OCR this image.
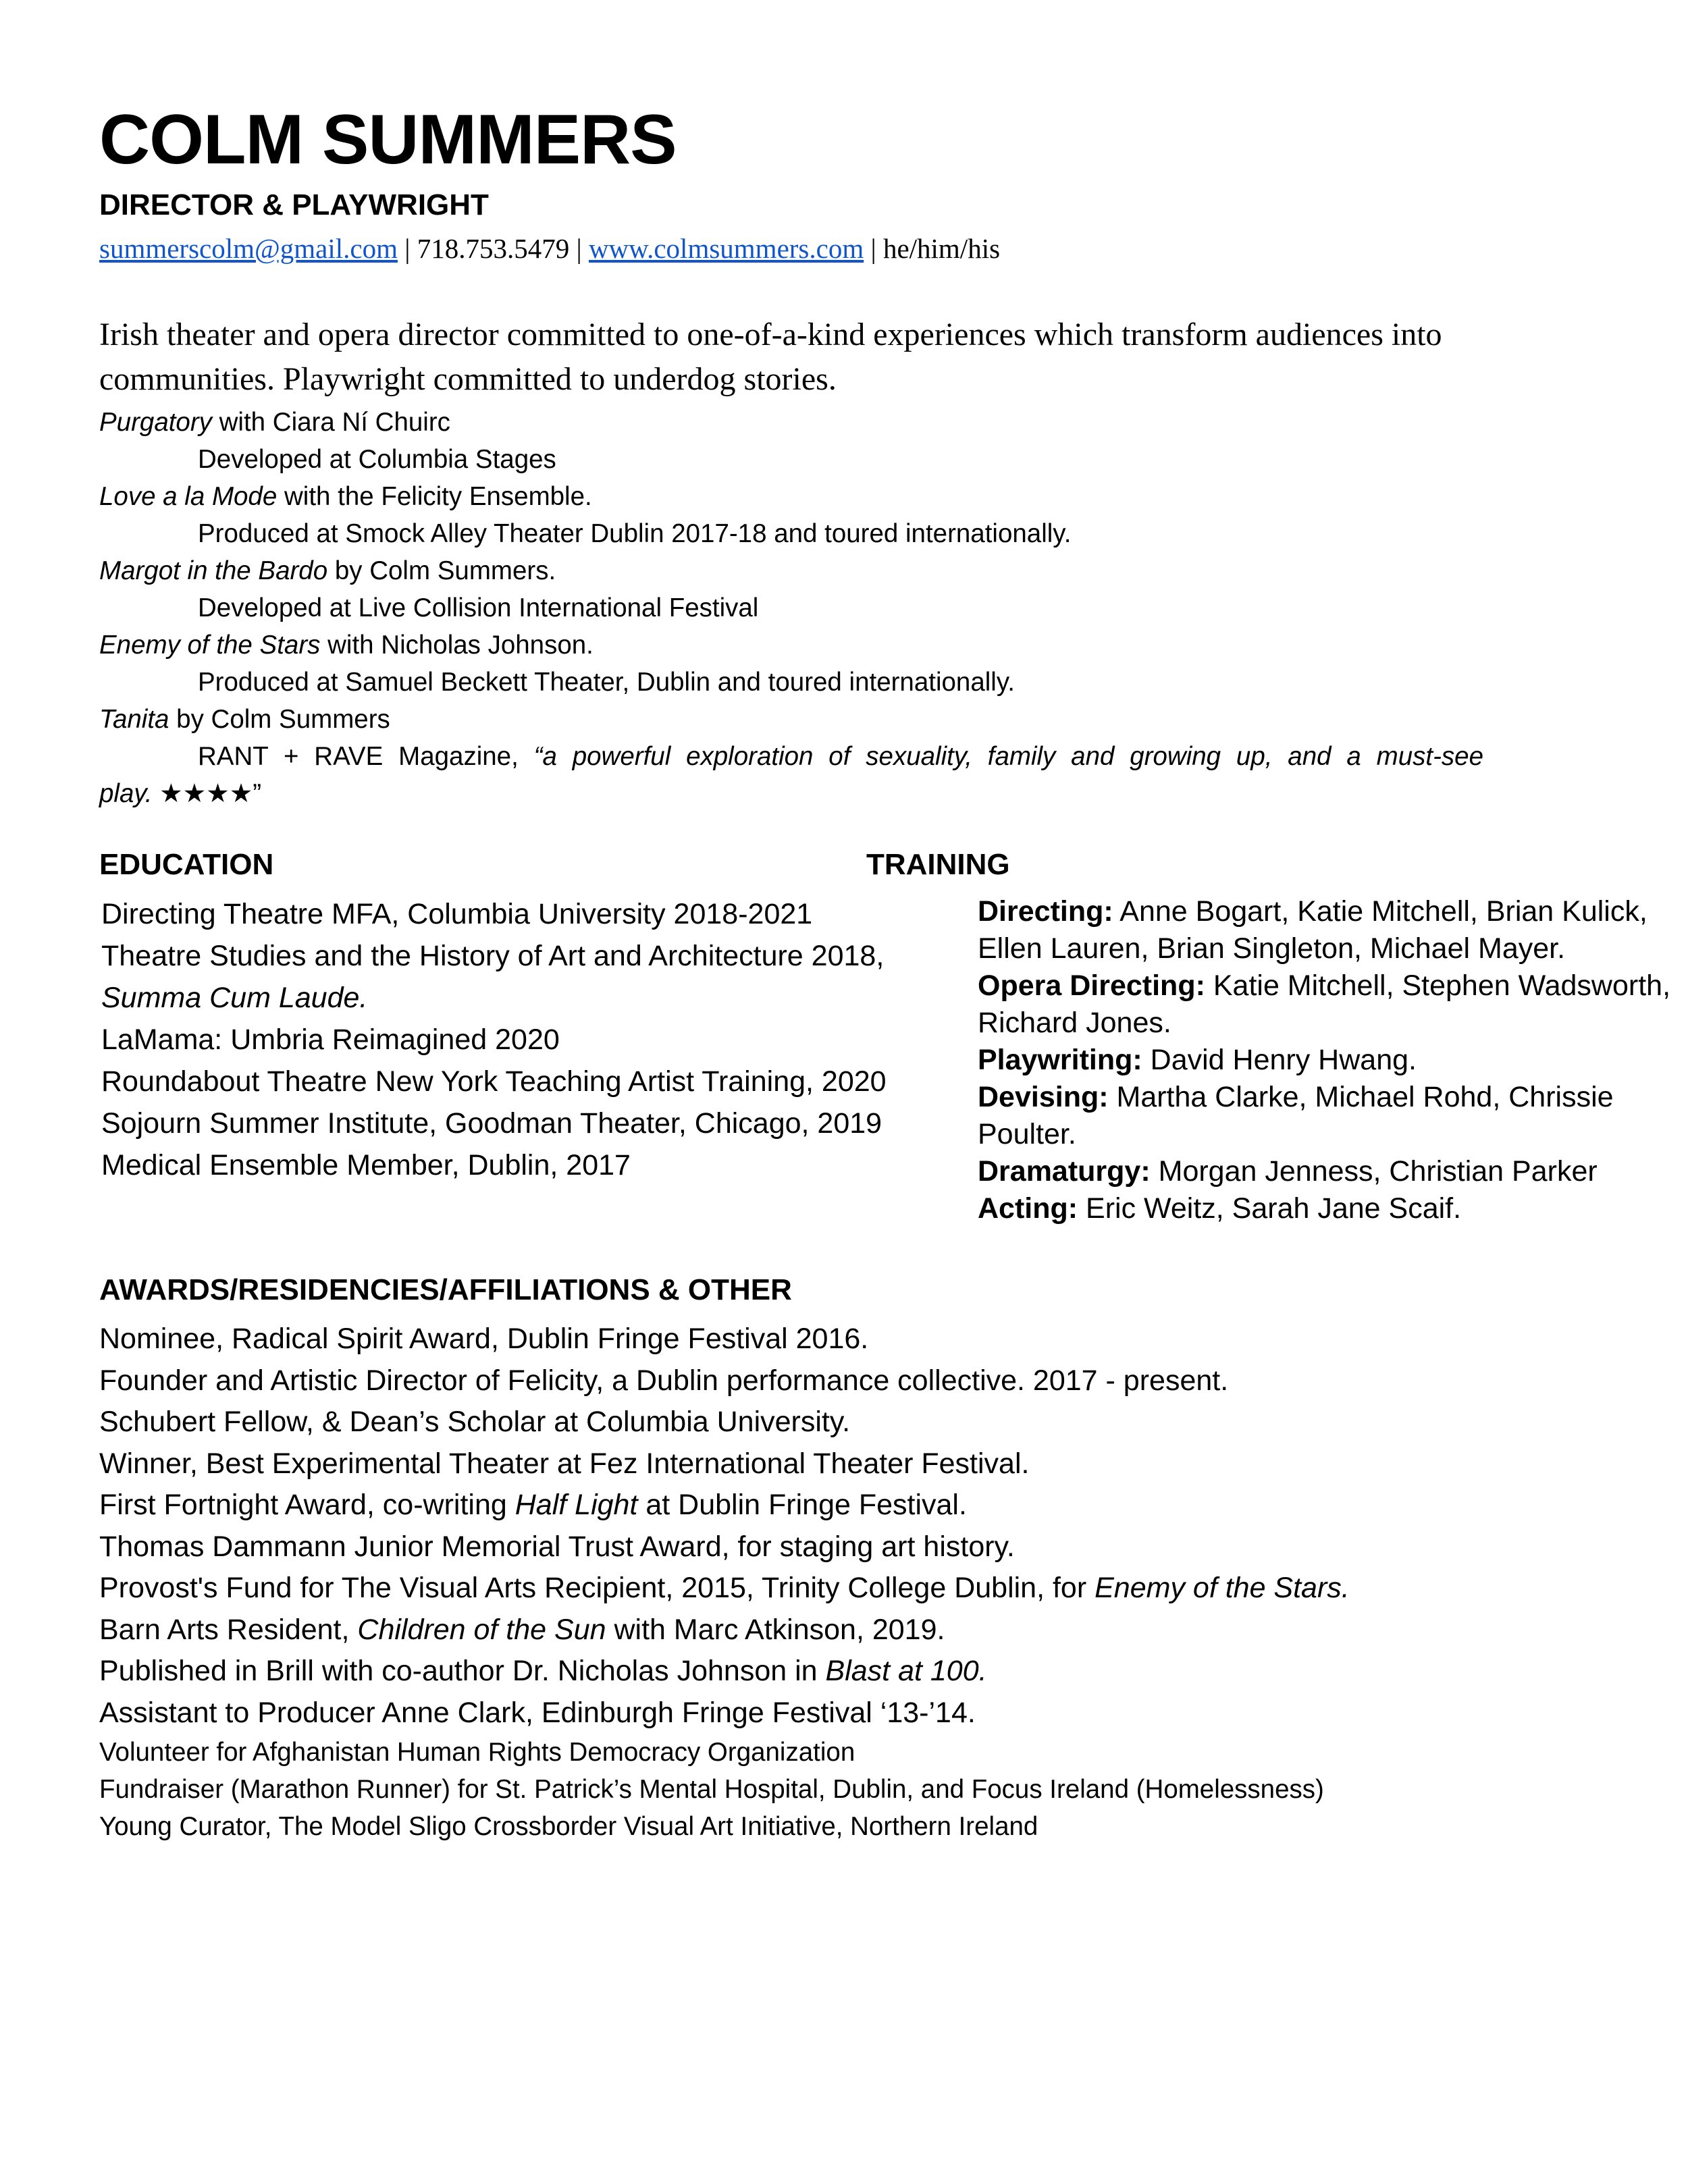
COLM SUMMERS
DIRECTOR & PLAYWRIGHT
summerscolm@gmail.com | 718.753.5479 | www.colmsummers.com | he/him/his
Irish theater and opera director committed to one-of-a-kind experiences which transform audiences into communities. Playwright committed to underdog stories.
Purgatory with Ciara Ní Chuirc
Developed at Columbia Stages
Love a la Mode with the Felicity Ensemble.
Produced at Smock Alley Theater Dublin 2017-18 and toured internationally.
Margot in the Bardo by Colm Summers.
Developed at Live Collision International Festival
Enemy of the Stars with Nicholas Johnson.
Produced at Samuel Beckett Theater, Dublin and toured internationally.
Tanita by Colm Summers
RANT + RAVE Magazine, “a powerful exploration of sexuality, family and growing up, and a must-see
play. ★★★★”
EDUCATION
Directing Theatre MFA, Columbia University 2018-2021
Theatre Studies and the History of Art and Architecture 2018,
Summa Cum Laude.
LaMama: Umbria Reimagined 2020
Roundabout Theatre New York Teaching Artist Training, 2020
Sojourn Summer Institute, Goodman Theater, Chicago, 2019
Medical Ensemble Member, Dublin, 2017
TRAINING
Directing: Anne Bogart, Katie Mitchell, Brian Kulick, Ellen Lauren, Brian Singleton, Michael Mayer.
Opera Directing: Katie Mitchell, Stephen Wadsworth, Richard Jones.
Playwriting: David Henry Hwang.
Devising: Martha Clarke, Michael Rohd, Chrissie Poulter.
Dramaturgy: Morgan Jenness, Christian Parker
Acting: Eric Weitz, Sarah Jane Scaif.
AWARDS/RESIDENCIES/AFFILIATIONS & OTHER
Nominee, Radical Spirit Award, Dublin Fringe Festival 2016.
Founder and Artistic Director of Felicity, a Dublin performance collective. 2017 - present.
Schubert Fellow, & Dean’s Scholar at Columbia University.
Winner, Best Experimental Theater at Fez International Theater Festival.
First Fortnight Award, co-writing Half Light at Dublin Fringe Festival.
Thomas Dammann Junior Memorial Trust Award, for staging art history.
Provost's Fund for The Visual Arts Recipient, 2015, Trinity College Dublin, for Enemy of the Stars.
Barn Arts Resident, Children of the Sun with Marc Atkinson, 2019.
Published in Brill with co-author Dr. Nicholas Johnson in Blast at 100.
Assistant to Producer Anne Clark, Edinburgh Fringe Festival ‘13-’14.
Volunteer for Afghanistan Human Rights Democracy Organization
Fundraiser (Marathon Runner) for St. Patrick’s Mental Hospital, Dublin, and Focus Ireland (Homelessness)
Young Curator, The Model Sligo Crossborder Visual Art Initiative, Northern Ireland
